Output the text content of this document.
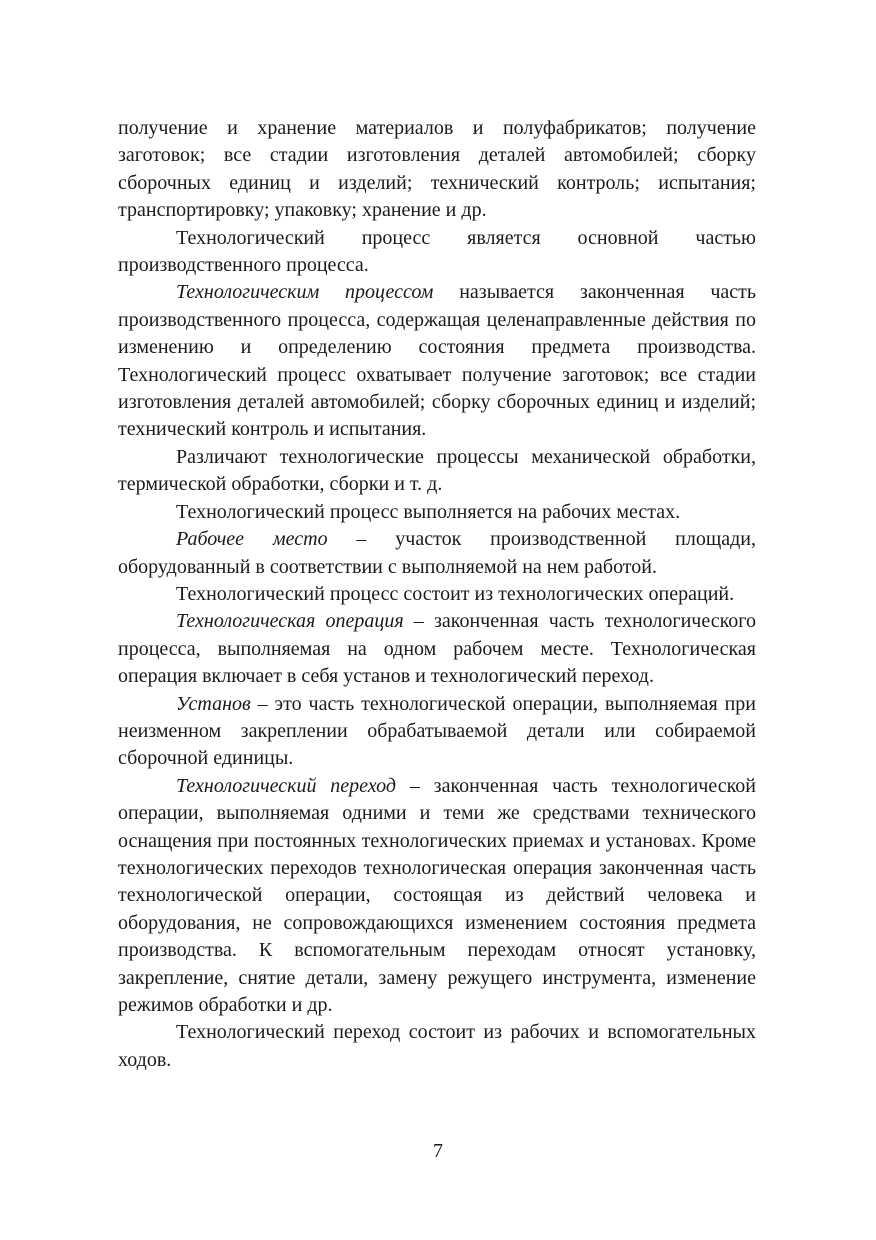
получение и хранение материалов и полуфабрикатов; получение заготовок; все стадии изготовления деталей автомобилей; сборку сборочных единиц и изделий; технический контроль; испытания; транспортировку; упаковку; хранение и др.

Технологический процесс является основной частью производственного процесса.

Технологическим процессом называется законченная часть производственного процесса, содержащая целенаправленные действия по изменению и определению состояния предмета производства. Технологический процесс охватывает получение заготовок; все стадии изготовления деталей автомобилей; сборку сборочных единиц и изделий; технический контроль и испытания.

Различают технологические процессы механической обработки, термической обработки, сборки и т. д.

Технологический процесс выполняется на рабочих местах.

Рабочее место – участок производственной площади, оборудованный в соответствии с выполняемой на нем работой.

Технологический процесс состоит из технологических операций.

Технологическая операция – законченная часть технологического процесса, выполняемая на одном рабочем месте. Технологическая операция включает в себя установ и технологический переход.

Установ – это часть технологической операции, выполняемая при неизменном закреплении обрабатываемой детали или собираемой сборочной единицы.

Технологический переход – законченная часть технологической операции, выполняемая одними и теми же средствами технического оснащения при постоянных технологических приемах и установах. Кроме технологических переходов технологическая операция законченная часть технологической операции, состоящая из действий человека и оборудования, не сопровождающихся изменением состояния предмета производства. К вспомогательным переходам относят установку, закрепление, снятие детали, замену режущего инструмента, изменение режимов обработки и др.

Технологический переход состоит из рабочих и вспомогательных ходов.

7
